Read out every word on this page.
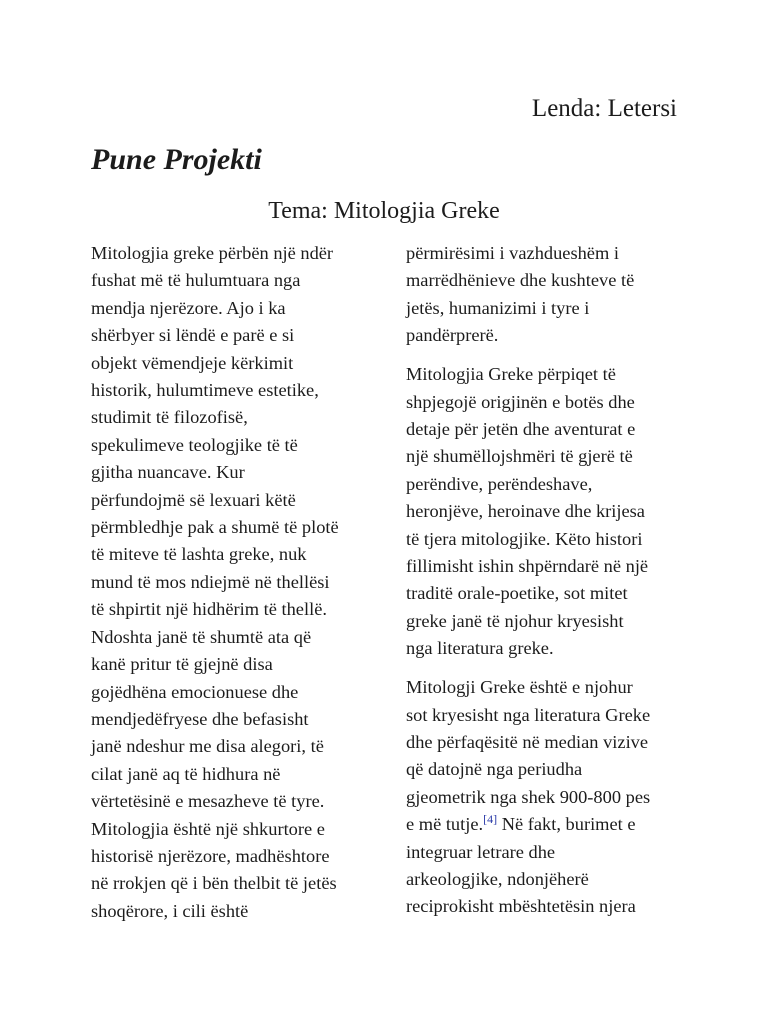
Lenda: Letersi
Pune Projekti
Tema: Mitologjia Greke
Mitologjia greke përbën një ndër
fushat më të hulumtuara nga
mendja njerëzore. Ajo i ka
shërbyer si lëndë e parë e si
objekt vëmendjeje kërkimit
historik, hulumtimeve estetike,
studimit të filozofisë,
spekulimeve teologjike të të
gjitha nuancave. Kur
përfundojmë së lexuari këtë
përmbledhje pak a shumë të plotë
të miteve të lashta greke, nuk
mund të mos ndiejmë në thellësi
të shpirtit një hidhërim të thellë.
Ndoshta janë të shumtë ata që
kanë pritur të gjejnë disa
gojëdhëna emocionuese dhe
mendjedëfryese dhe befasisht
janë ndeshur me disa alegori, të
cilat janë aq të hidhura në
vërtetësinë e mesazheve të tyre.
Mitologjia është një shkurtore e
historisë njerëzore, madhështore
në rrokjen që i bën thelbit të jetës
shoqërore, i cili është
përmirësimi i vazhdueshëm i
marrëdhënieve dhe kushteve të
jetës, humanizimi i tyre i
pandërprerë.
Mitologjia Greke përpiqet të
shpjegojë origjinën e botës dhe
detaje për jetën dhe aventurat e
një shumëllojshmëri të gjerë të
perëndive, perëndeshave,
heronjëve, heroinave dhe krijesa
të tjera mitologjike. Këto histori
fillimisht ishin shpërndarë në një
traditë orale-poetike, sot mitet
greke janë të njohur kryesisht
nga literatura greke.
Mitologji Greke është e njohur
sot kryesisht nga literatura Greke
dhe përfaqësitë në median vizive
që datojnë nga periudha
gjeometrik nga shek 900-800 pes
e më tutje.[4] Në fakt, burimet e
integruar letrare dhe
arkeologjike, ndonjëherë
reciprokisht mbështetësin njera
